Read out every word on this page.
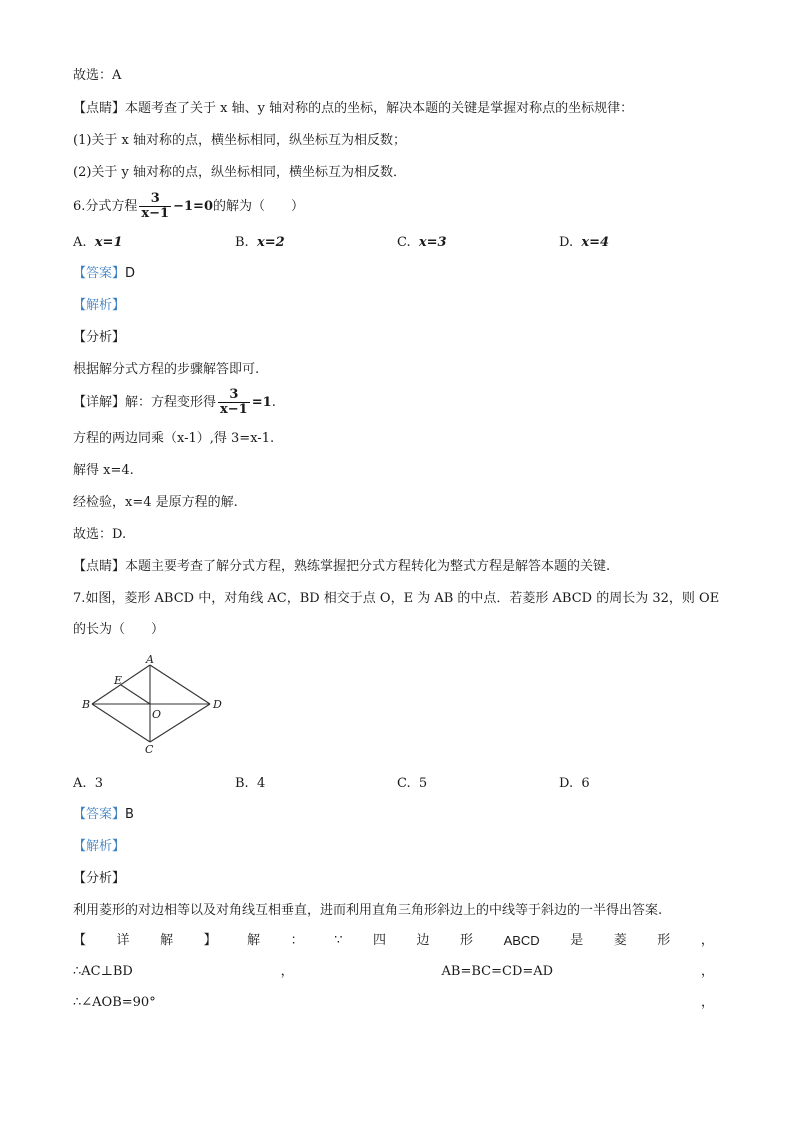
故选：A
【点睛】本题考查了关于 x 轴、y 轴对称的点的坐标，解决本题的关键是掌握对称点的坐标规律：
(1)关于 x 轴对称的点，横坐标相同，纵坐标互为相反数；
(2)关于 y 轴对称的点，纵坐标相同，横坐标互为相反数．
6.分式方程 $\frac{3}{x-1} -1=0$的解为（　　）
A. x=1	B. x=2	C. x=3	D. x=4
【答案】D
【解析】
【分析】
根据解分式方程的步骤解答即可.
【详解】解：方程变形得 $\frac{3}{x-1} =1$.
方程的两边同乘（x-1）,得 3=x-1.
解得 x=4.
经检验，x=4 是原方程的解.
故选：D.
【点睛】本题主要考查了解分式方程，熟练掌握把分式方程转化为整式方程是解答本题的关键.
7.如图，菱形 ABCD 中，对角线 AC，BD 相交于点 O，E 为 AB 的中点．若菱形 ABCD 的周长为 32，则 OE
的长为（　　）
A
E
B
O
D
C
A. 3	B. 4	C. 5	D. 6
【答案】B
【解析】
【分析】
利用菱形的对边相等以及对角线互相垂直，进而利用直角三角形斜边上的中线等于斜边的一半得出答案.
【 详 解 】 解 ： ∵ 四 边 形 ABCD 是 菱 形 ，
∴AC⊥BD	，	AB=BC=CD=AD	，
∴∠AOB=90°	，
